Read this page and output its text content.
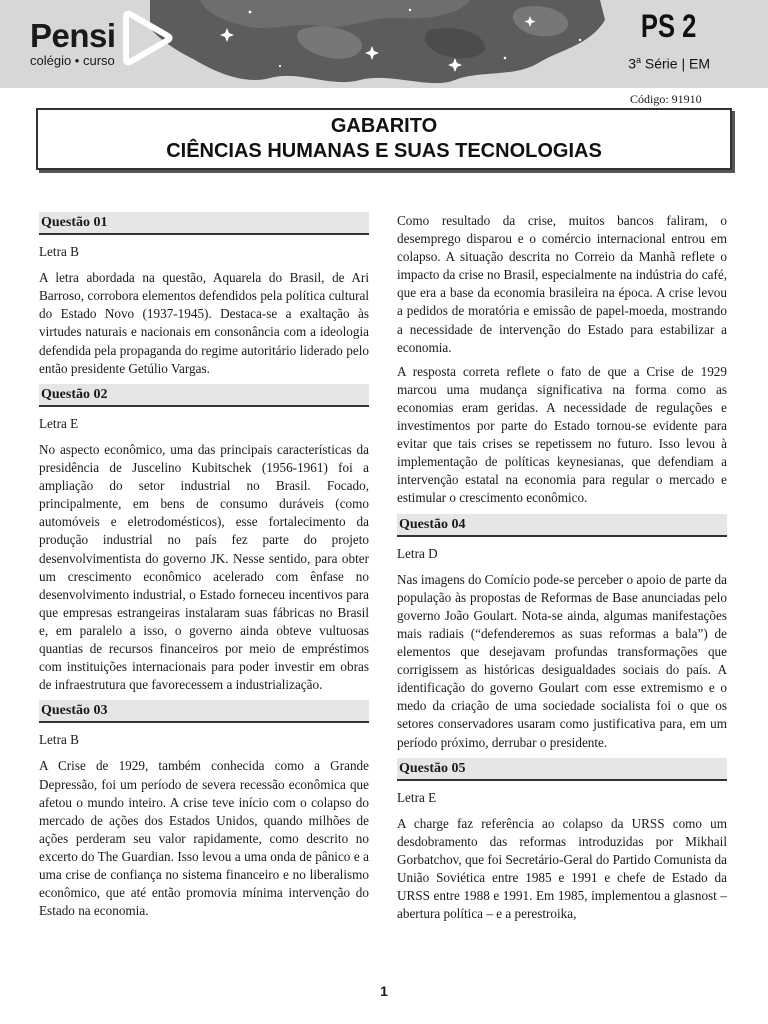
Pensi
colégio • curso
PS 2
3$^a$ Série | EM
Código: 91910
GABARITO
CIÊNCIAS HUMANAS E SUAS TECNOLOGIAS
Questão 01
Letra B

A letra abordada na questão, Aquarela do Brasil, de Ari Barroso, corrobora elementos defendidos pela política cultural do Estado Novo (1937-1945). Destaca-se a exaltação às virtudes naturais e nacionais em consonância com a ideologia defendida pela propaganda do regime autoritário liderado pelo então presidente Getúlio Vargas.

Questão 02
Letra E

No aspecto econômico, uma das principais características da presidência de Juscelino Kubitschek (1956-1961) foi a ampliação do setor industrial no Brasil. Focado, principalmente, em bens de consumo duráveis (como automóveis e eletrodomésticos), esse fortalecimento da produção industrial no país fez parte do projeto desenvolvimentista do governo JK. Nesse sentido, para obter um crescimento econômico acelerado com ênfase no desenvolvimento industrial, o Estado forneceu incentivos para que empresas estrangeiras instalaram suas fábricas no Brasil e, em paralelo a isso, o governo ainda obteve vultuosas quantias de recursos financeiros por meio de empréstimos com instituições internacionais para poder investir em obras de infraestrutura que favorecessem a industrialização.

Questão 03
Letra B

A Crise de 1929, também conhecida como a Grande Depressão, foi um período de severa recessão econômica que afetou o mundo inteiro. A crise teve início com o colapso do mercado de ações dos Estados Unidos, quando milhões de ações perderam seu valor rapidamente, como descrito no excerto do The Guardian. Isso levou a uma onda de pânico e a uma crise de confiança no sistema financeiro e no liberalismo econômico, que até então promovia mínima intervenção do Estado na economia.

Como resultado da crise, muitos bancos faliram, o desemprego disparou e o comércio internacional entrou em colapso. A situação descrita no Correio da Manhã reflete o impacto da crise no Brasil, especialmente na indústria do café, que era a base da economia brasileira na época. A crise levou a pedidos de moratória e emissão de papel-moeda, mostrando a necessidade de intervenção do Estado para estabilizar a economia.

A resposta correta reflete o fato de que a Crise de 1929 marcou uma mudança significativa na forma como as economias eram geridas. A necessidade de regulações e investimentos por parte do Estado tornou-se evidente para evitar que tais crises se repetissem no futuro. Isso levou à implementação de políticas keynesianas, que defendiam a intervenção estatal na economia para regular o mercado e estimular o crescimento econômico.

Questão 04
Letra D

Nas imagens do Comício pode-se perceber o apoio de parte da população às propostas de Reformas de Base anunciadas pelo governo João Goulart. Nota-se ainda, algumas manifestações mais radiais (“defenderemos as suas reformas a bala”) de elementos que desejavam profundas transformações que corrigissem as históricas desigualdades sociais do país. A identificação do governo Goulart com esse extremismo e o medo da criação de uma sociedade socialista foi o que os setores conservadores usaram como justificativa para, em um período próximo, derrubar o presidente.

Questão 05
Letra E

A charge faz referência ao colapso da URSS como um desdobramento das reformas introduzidas por Mikhail Gorbatchov, que foi Secretário-Geral do Partido Comunista da União Soviética entre 1985 e 1991 e chefe de Estado da URSS entre 1988 e 1991. Em 1985, implementou a glasnost – abertura política – e a perestroika,

1
